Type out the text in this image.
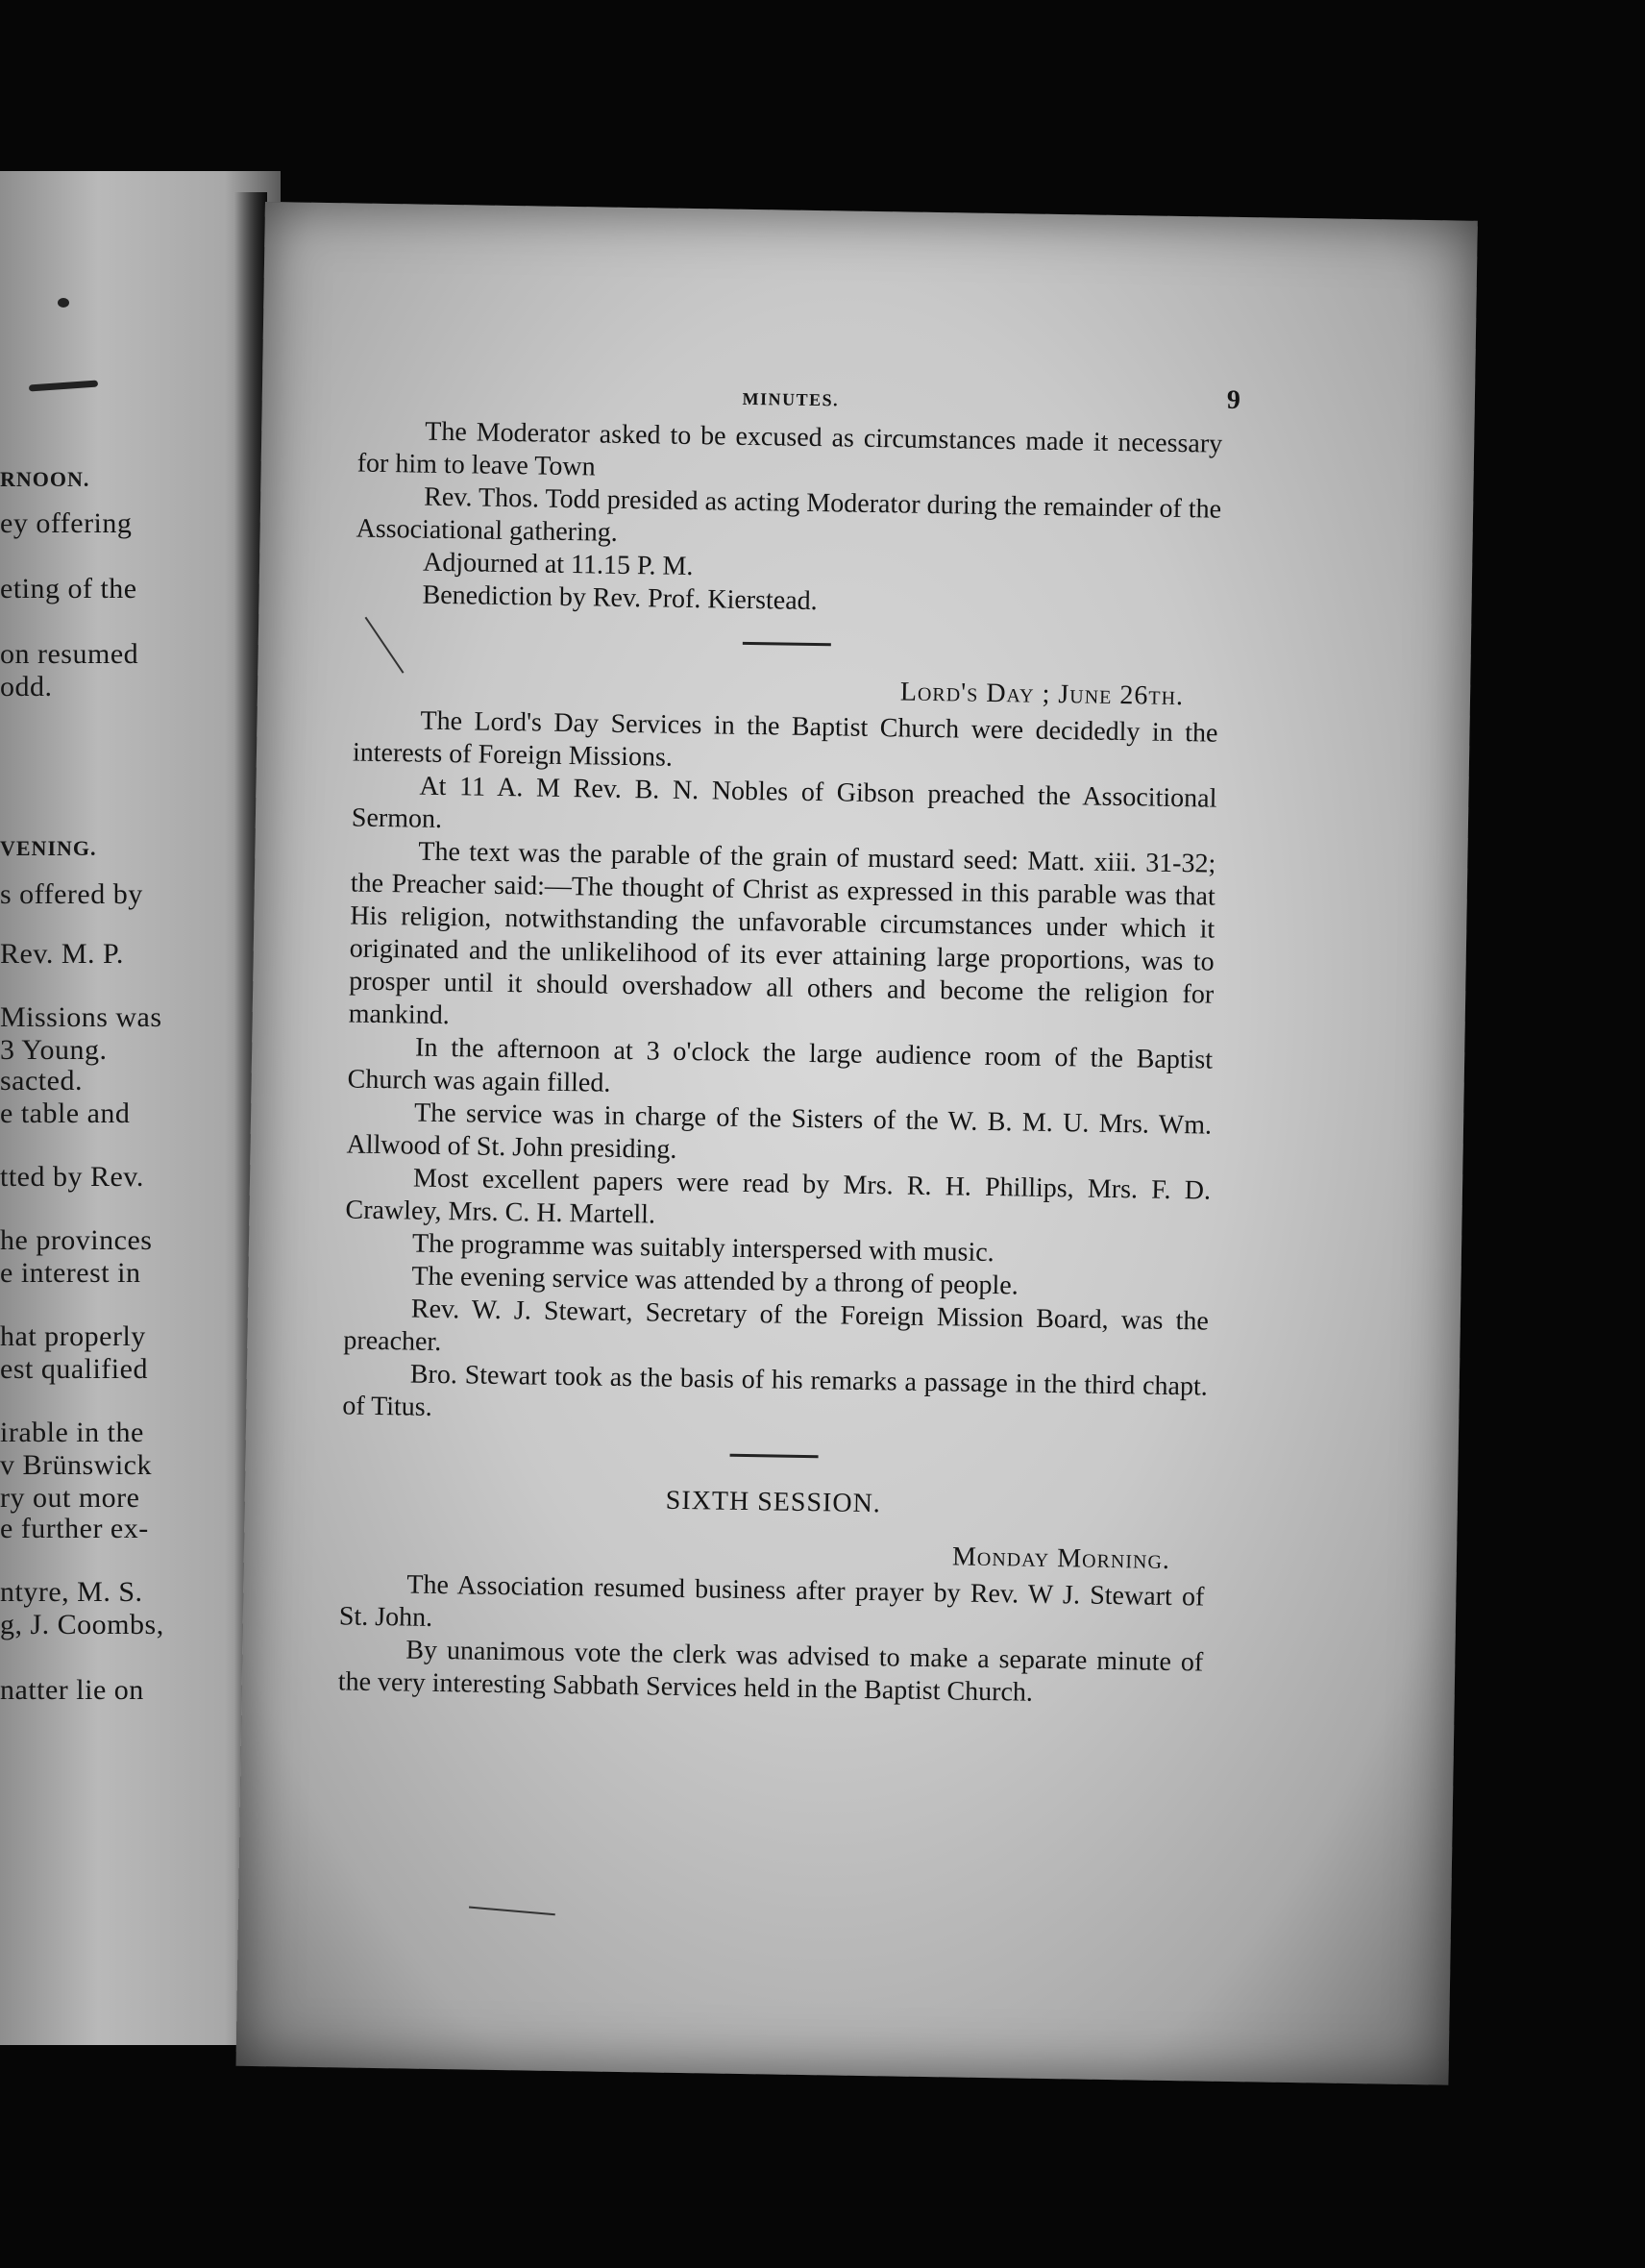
RNOON.
ey offering
eting of the
on resumed
odd.
VENING.
s offered by
Rev. M. P.
Missions was
3 Young.
sacted.
e table and
tted by Rev.
he provinces
e interest in
hat properly
est qualified
irable in the
v Brünswick
ry out more
e further ex-
ntyre, M. S.
g, J. Coombs,
natter lie on
MINUTES.	9

The Moderator asked to be excused as circumstances made it necessary for him to leave Town

Rev. Thos. Todd presided as acting Moderator during the remainder of the Associational gathering.

Adjourned at 11.15 P. M.

Benediction by Rev. Prof. Kierstead.

Lord's Day ; June 26th.

The Lord's Day Services in the Baptist Church were decidedly in the interests of Foreign Missions.

At 11 A. M Rev. B. N. Nobles of Gibson preached the Associtional Sermon.

The text was the parable of the grain of mustard seed: Matt. xiii. 31-32; the Preacher said:—The thought of Christ as expressed in this parable was that His religion, notwithstanding the unfavorable circumstances under which it originated and the unlikelihood of its ever attaining large proportions, was to prosper until it should overshadow all others and become the religion for mankind.

In the afternoon at 3 o'clock the large audience room of the Baptist Church was again filled.

The service was in charge of the Sisters of the W. B. M. U. Mrs. Wm. Allwood of St. John presiding.

Most excellent papers were read by Mrs. R. H. Phillips, Mrs. F. D. Crawley, Mrs. C. H. Martell.

The programme was suitably interspersed with music.

The evening service was attended by a throng of people.

Rev. W. J. Stewart, Secretary of the Foreign Mission Board, was the preacher.

Bro. Stewart took as the basis of his remarks a passage in the third chapt. of Titus.

SIXTH SESSION.
Monday Morning.

The Association resumed business after prayer by Rev. W J. Stewart of St. John.

By unanimous vote the clerk was advised to make a separate minute of the very interesting Sabbath Services held in the Baptist Church.
